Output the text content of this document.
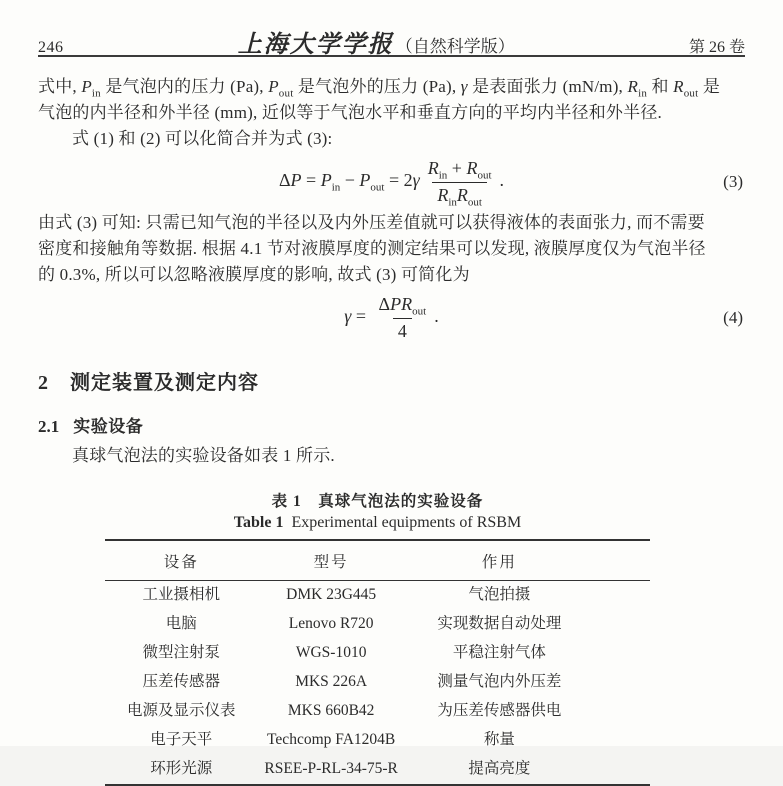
246	上海大学学报 （自然科学版）	第 26 卷
式中, $P_{in}$ 是气泡内的压力 (Pa), $P_{out}$ 是气泡外的压力 (Pa), γ 是表面张力 (mN/m), $R_{in}$ 和 $R_{out}$ 是
气泡的内半径和外半径 (mm), 近似等于气泡水平和垂直方向的平均内半径和外半径.
式 (1) 和 (2) 可以化简合并为式 (3):
$\Delta P = P_{in} - P_{out} = 2\gamma \frac{R_{in} + R_{out}}{R_{in}R_{out}}$ .	(3)
由式 (3) 可知: 只需已知气泡的半径以及内外压差值就可以获得液体的表面张力, 而不需要
密度和接触角等数据. 根据 4.1 节对液膜厚度的测定结果可以发现, 液膜厚度仅为气泡半径
的 0.3%, 所以可以忽略液膜厚度的影响, 故式 (3) 可简化为
$\gamma = \frac{\Delta PR_{out}}{4}$ .	(4)
2 测定装置及测定内容
2.1 实验设备
真球气泡法的实验设备如表 1 所示.
表 1　真球气泡法的实验设备
Table 1 Experimental equipments of RSBM
设备	型号	作用
工业摄相机	DMK 23G445	气泡拍摄
电脑	Lenovo R720	实现数据自动处理
微型注射泵	WGS-1010	平稳注射气体
压差传感器	MKS 226A	测量气泡内外压差
电源及显示仪表	MKS 660B42	为压差传感器供电
电子天平	Techcomp FA1204B	称量
环形光源	RSEE-P-RL-34-75-R	提高亮度
